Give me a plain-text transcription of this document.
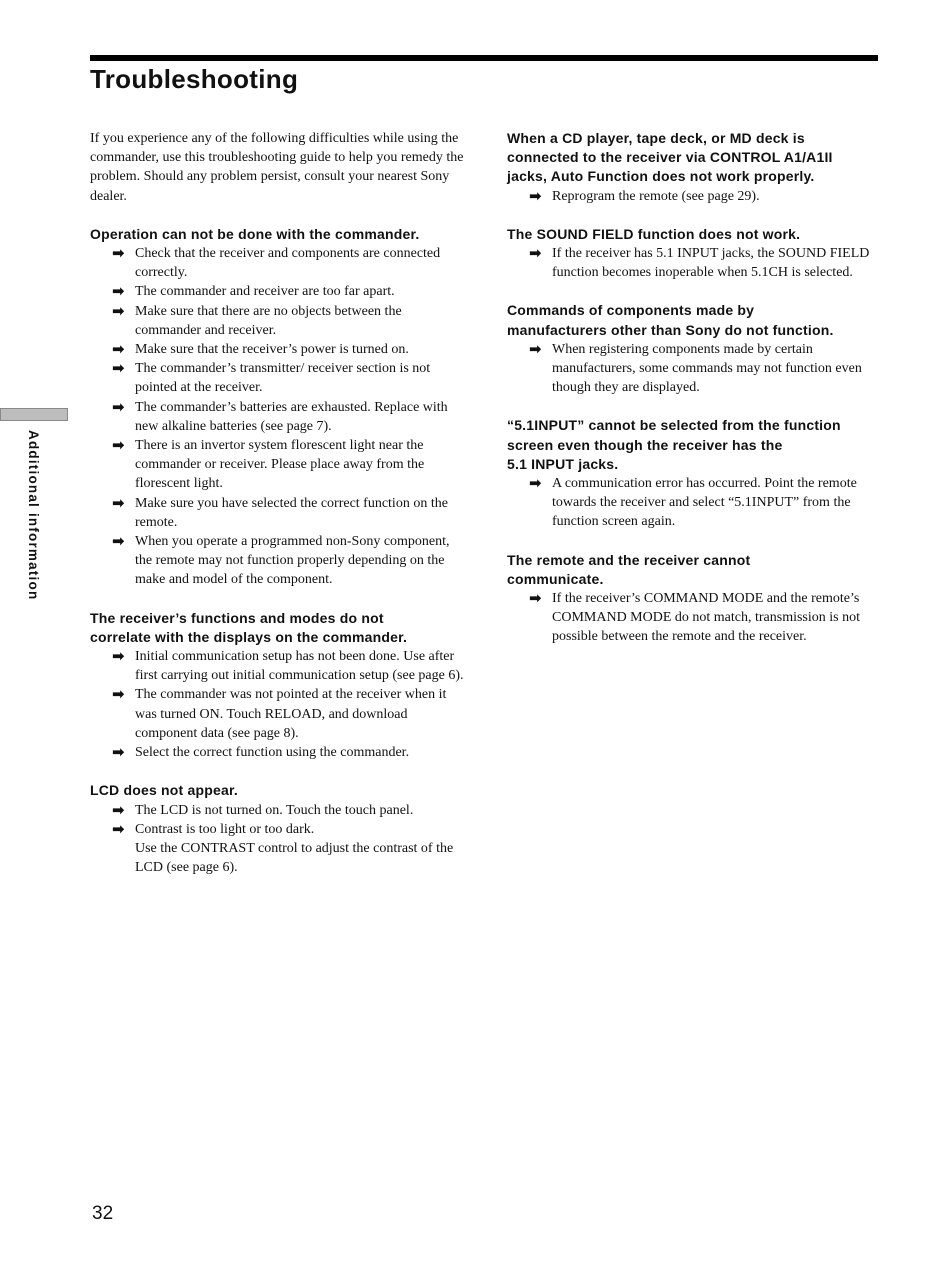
Troubleshooting
Additional information

If you experience any of the following difficulties while using the commander, use this troubleshooting guide to help you remedy the problem. Should any problem persist, consult your nearest Sony dealer.

Operation can not be done with the commander.
➡ Check that the receiver and components are connected correctly.
➡ The commander and receiver are too far apart.
➡ Make sure that there are no objects between the commander and receiver.
➡ Make sure that the receiver’s power is turned on.
➡ The commander’s transmitter/ receiver section is not pointed at the receiver.
➡ The commander’s batteries are exhausted. Replace with new alkaline batteries (see page 7).
➡ There is an invertor system florescent light near the commander or receiver. Please place away from the florescent light.
➡ Make sure you have selected the correct function on the remote.
➡ When you operate a programmed non-Sony component, the remote may not function properly depending on the make and model of the component.
The receiver’s functions and modes do not
correlate with the displays on the commander.
➡ Initial communication setup has not been done. Use after first carrying out initial communication setup (see page 6).
➡ The commander was not pointed at the receiver when it was turned ON. Touch RELOAD, and download component data (see page 8).
➡ Select the correct function using the commander.
LCD does not appear.
➡ The LCD is not turned on. Touch the touch panel.
➡ Contrast is too light or too dark.
Use the CONTRAST control to adjust the contrast of the LCD (see page 6).
When a CD player, tape deck, or MD deck is
connected to the receiver via CONTROL A1/A1II
jacks, Auto Function does not work properly.
➡ Reprogram the remote (see page 29).
The SOUND FIELD function does not work.
➡ If the receiver has 5.1 INPUT jacks, the SOUND FIELD function becomes inoperable when 5.1CH is selected.
Commands of components made by
manufacturers other than Sony do not function.
➡ When registering components made by certain manufacturers, some commands may not function even though they are displayed.
“5.1INPUT” cannot be selected from the function
screen even though the receiver has the
5.1 INPUT jacks.
➡ A communication error has occurred. Point the remote towards the receiver and select “5.1INPUT” from the function screen again.
The remote and the receiver cannot
communicate.
➡ If the receiver’s COMMAND MODE and the remote’s COMMAND MODE do not match, transmission is not possible between the remote and the receiver.
32
